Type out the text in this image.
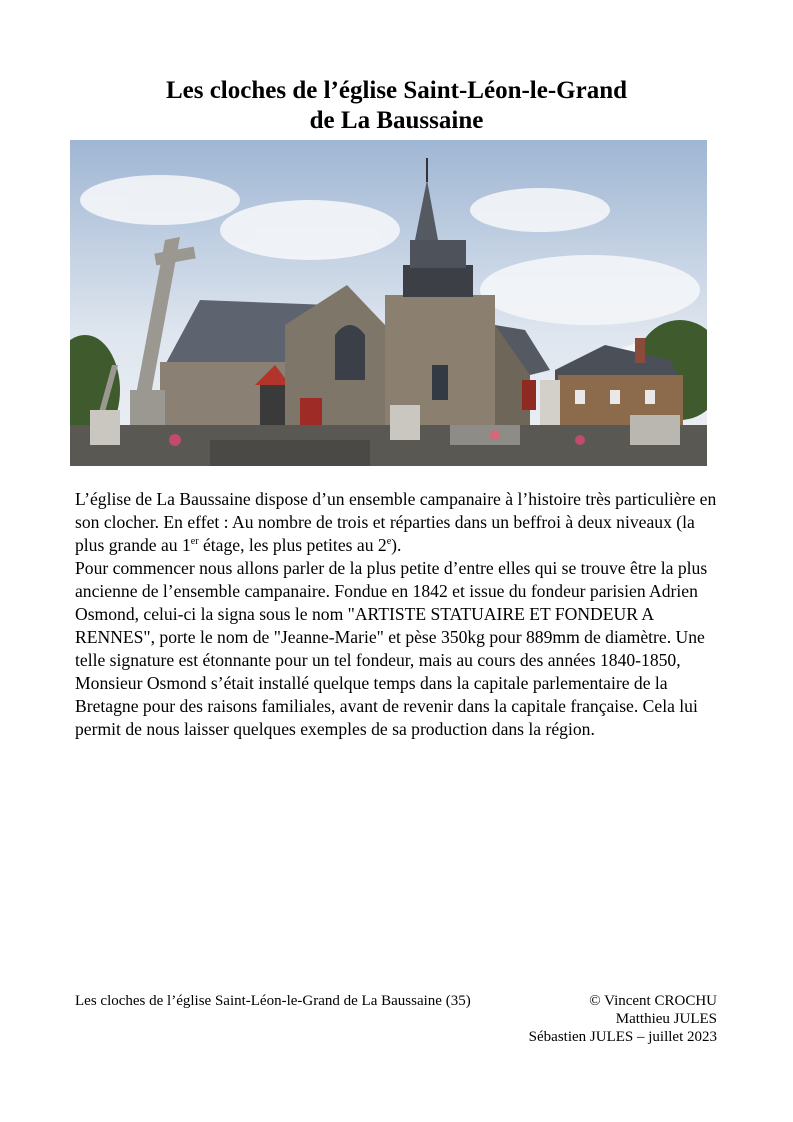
Les cloches de l’église Saint-Léon-le-Grand
de La Baussaine

L’église de La Baussaine dispose d’un ensemble campanaire à l’histoire très particulière en son clocher. En effet : Au nombre de trois et réparties dans un beffroi à deux niveaux (la plus grande au 1er étage, les plus petites au 2e).

Pour commencer nous allons parler de la plus petite d’entre elles qui se trouve être la plus ancienne de l’ensemble campanaire. Fondue en 1842 et issue du fondeur parisien Adrien Osmond, celui-ci la signa sous le nom "ARTISTE STATUAIRE ET FONDEUR A RENNES", porte le nom de "Jeanne-Marie" et pèse 350kg pour 889mm de diamètre. Une telle signature est étonnante pour un tel fondeur, mais au cours des années 1840-1850, Monsieur Osmond s’était installé quelque temps dans la capitale parlementaire de la Bretagne pour des raisons familiales, avant de revenir dans la capitale française. Cela lui permit de nous laisser quelques exemples de sa production dans la région.

Les cloches de l’église Saint-Léon-le-Grand de La Baussaine (35)	© Vincent CROCHU
Matthieu JULES
Sébastien JULES – juillet 2023
